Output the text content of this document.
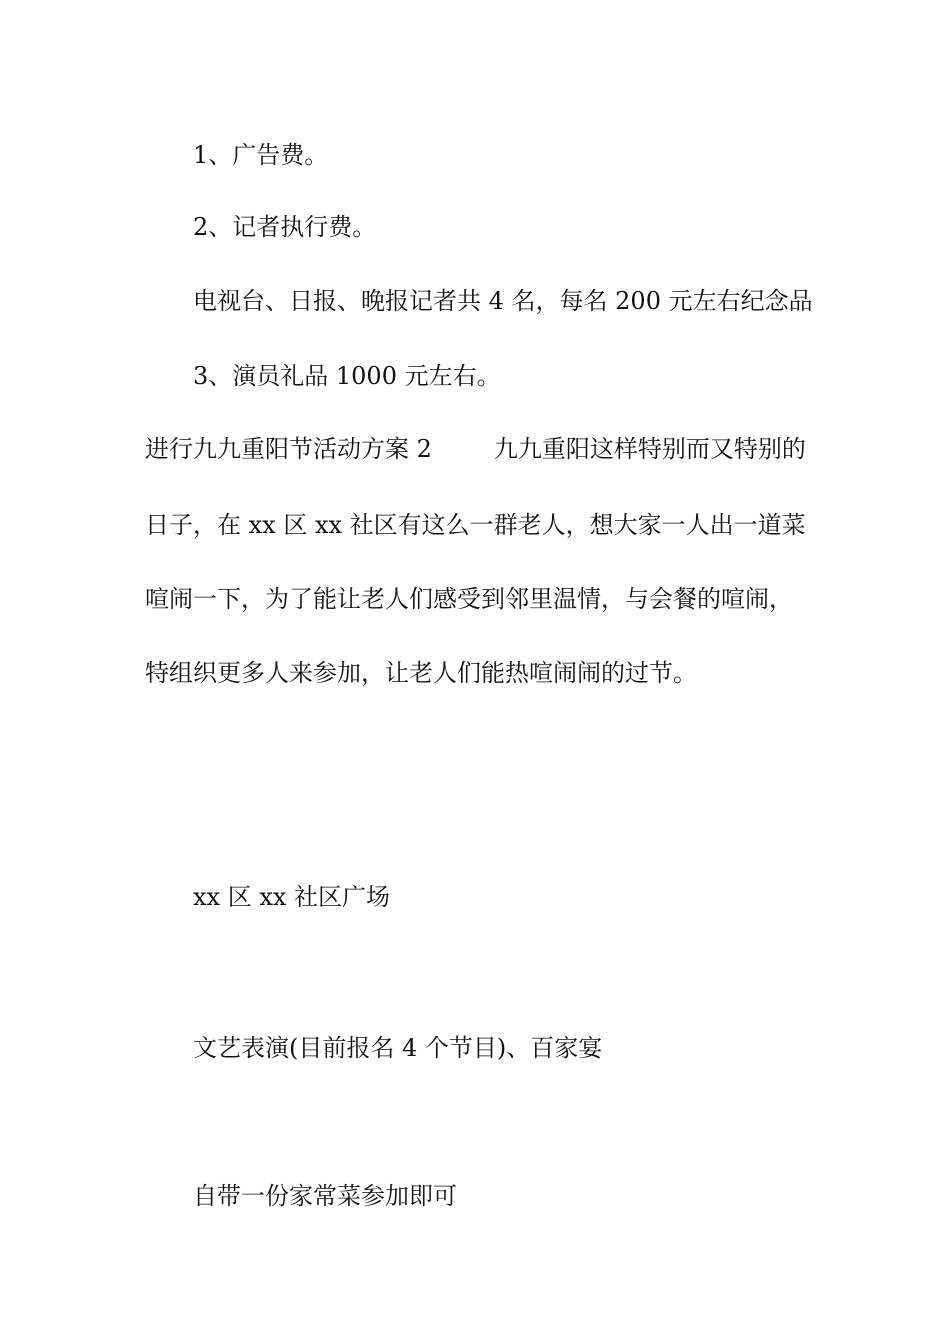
1、广告费。

2、记者执行费。

电视台、日报、晚报记者共 4 名，每名 200 元左右纪念品

3、演员礼品 1000 元左右。

进行九九重阳节活动方案 2	九九重阳这样特别而又特别的

日子，在 xx 区 xx 社区有这么一群老人，想大家一人出一道菜

喧闹一下，为了能让老人们感受到邻里温情，与会餐的喧闹，

特组织更多人来参加，让老人们能热喧闹闹的过节。

xx 区 xx 社区广场

文艺表演(目前报名 4 个节目)、百家宴

自带一份家常菜参加即可
